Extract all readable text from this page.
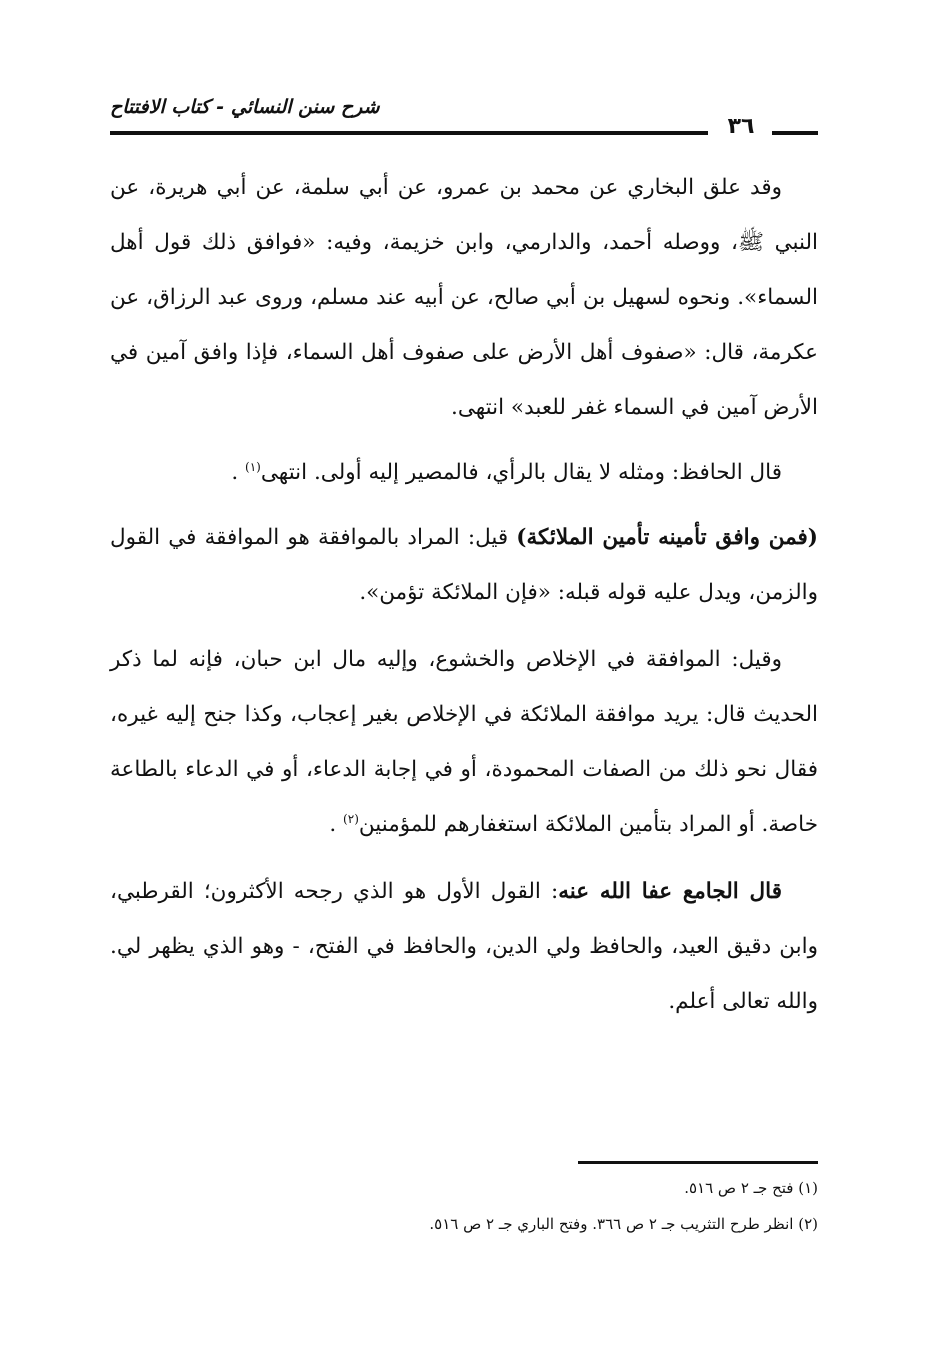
شرح سنن النسائي - كتاب الافتتاح
٣٦

وقد علق البخاري عن محمد بن عمرو، عن أبي سلمة، عن أبي هريرة، عن النبي ﷺ، ووصله أحمد، والدارمي، وابن خزيمة، وفيه: «فوافق ذلك قول أهل السماء». ونحوه لسهيل بن أبي صالح، عن أبيه عند مسلم، وروى عبد الرزاق، عن عكرمة، قال: «صفوف أهل الأرض على صفوف أهل السماء، فإذا وافق آمين في الأرض آمين في السماء غفر للعبد» انتهى.

قال الحافظ: ومثله لا يقال بالرأي، فالمصير إليه أولى. انتهى$^{(١)}$ .

(فمن وافق تأمينه تأمين الملائكة) قيل: المراد بالموافقة هو الموافقة في القول والزمن، ويدل عليه قوله قبله: «فإن الملائكة تؤمن».

وقيل: الموافقة في الإخلاص والخشوع، وإليه مال ابن حبان، فإنه لما ذكر الحديث قال: يريد موافقة الملائكة في الإخلاص بغير إعجاب، وكذا جنح إليه غيره، فقال نحو ذلك من الصفات المحمودة، أو في إجابة الدعاء، أو في الدعاء بالطاعة خاصة. أو المراد بتأمين الملائكة استغفارهم للمؤمنين$^{(٢)}$ .

قال الجامع عفا الله عنه: القول الأول هو الذي رجحه الأكثرون؛ القرطبي، وابن دقيق العيد، والحافظ ولي الدين، والحافظ في الفتح، - وهو الذي يظهر لي. والله تعالى أعلم.

(١) فتح جـ ٢ ص ٥١٦.

(٢) انظر طرح التثريب جـ ٢ ص ٣٦٦. وفتح الباري جـ ٢ ص ٥١٦.
